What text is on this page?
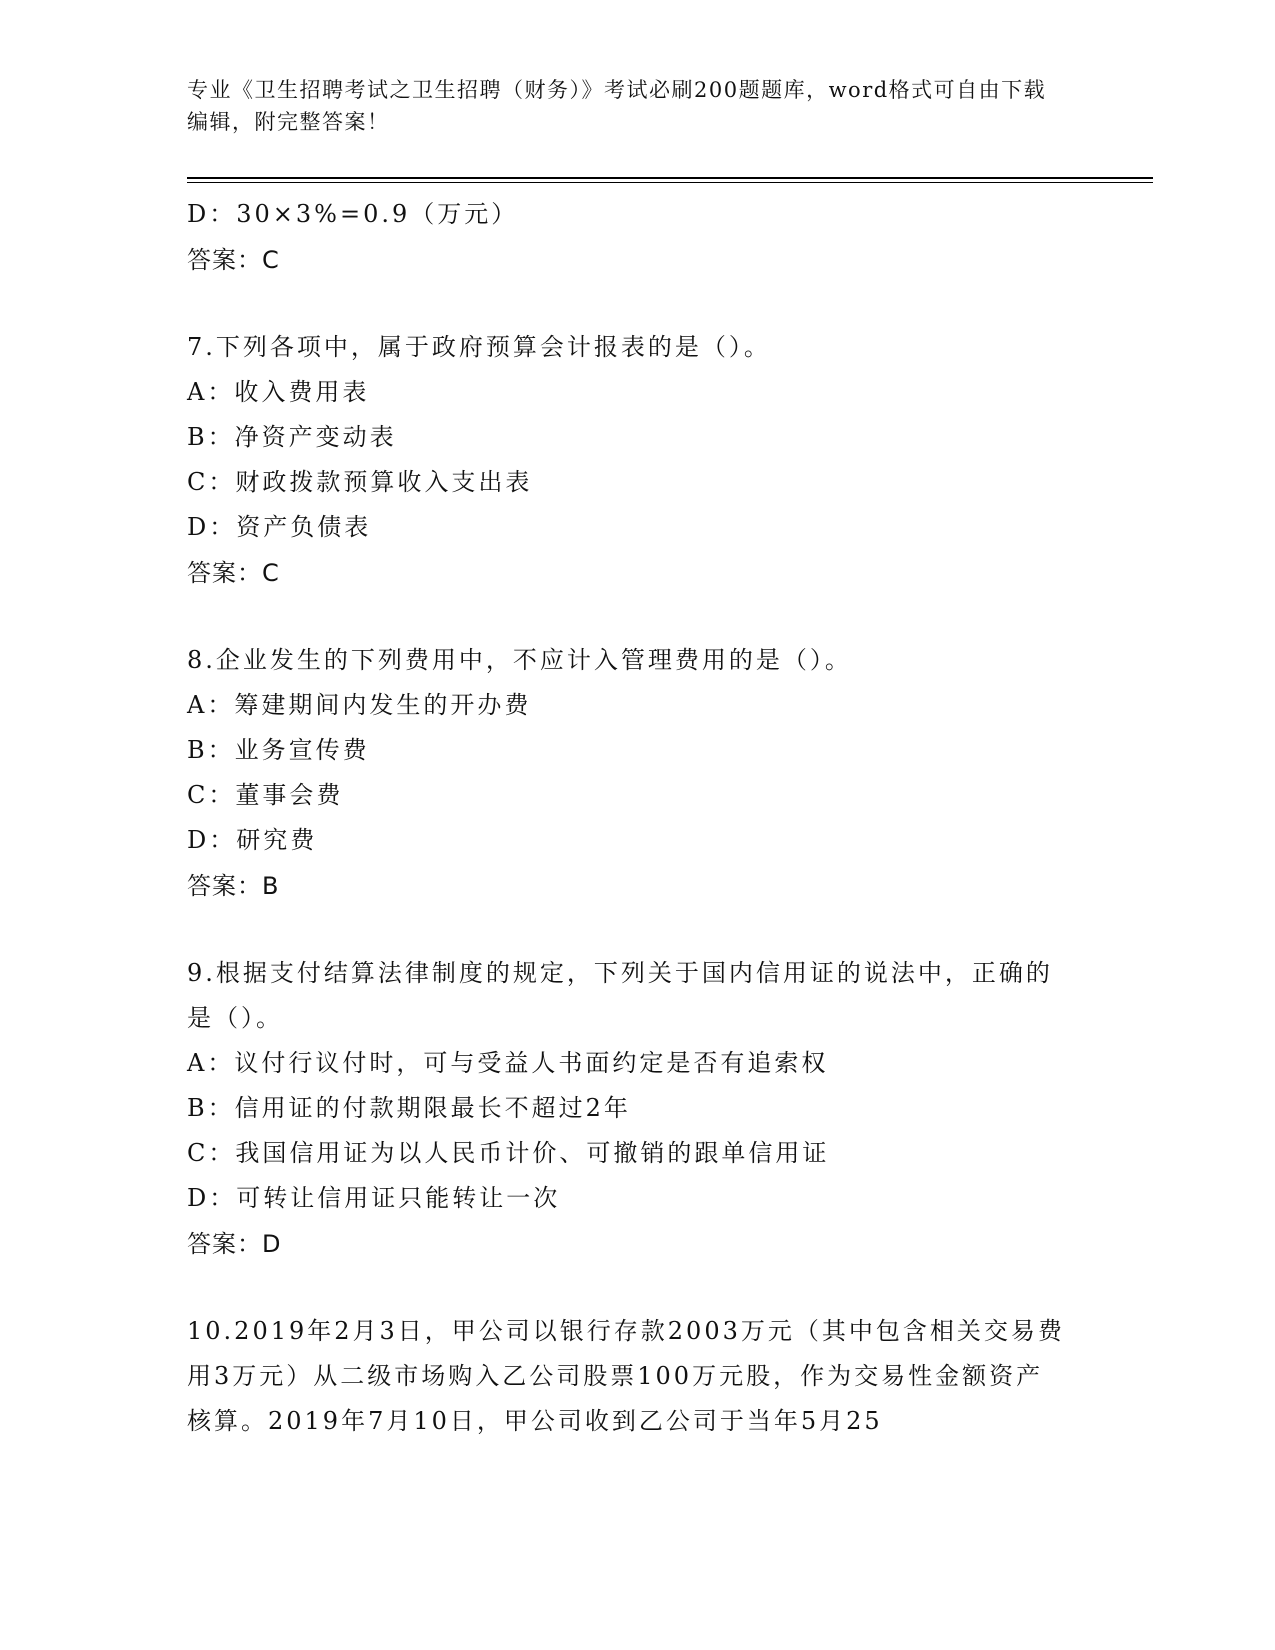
专业《卫生招聘考试之卫生招聘（财务）》考试必刷200题题库，word格式可自由下载编辑，附完整答案！
D：30×3%=0.9（万元）
答案：C
7.下列各项中，属于政府预算会计报表的是（）。
A：收入费用表
B：净资产变动表
C：财政拨款预算收入支出表
D：资产负债表
答案：C
8.企业发生的下列费用中，不应计入管理费用的是（）。
A：筹建期间内发生的开办费
B：业务宣传费
C：董事会费
D：研究费
答案：B
9.根据支付结算法律制度的规定，下列关于国内信用证的说法中，正确的是（）。
A：议付行议付时，可与受益人书面约定是否有追索权
B：信用证的付款期限最长不超过2年
C：我国信用证为以人民币计价、可撤销的跟单信用证
D：可转让信用证只能转让一次
答案：D
10.2019年2月3日，甲公司以银行存款2003万元（其中包含相关交易费用3万元）从二级市场购入乙公司股票100万元股，作为交易性金额资产核算。2019年7月10日，甲公司收到乙公司于当年5月25
